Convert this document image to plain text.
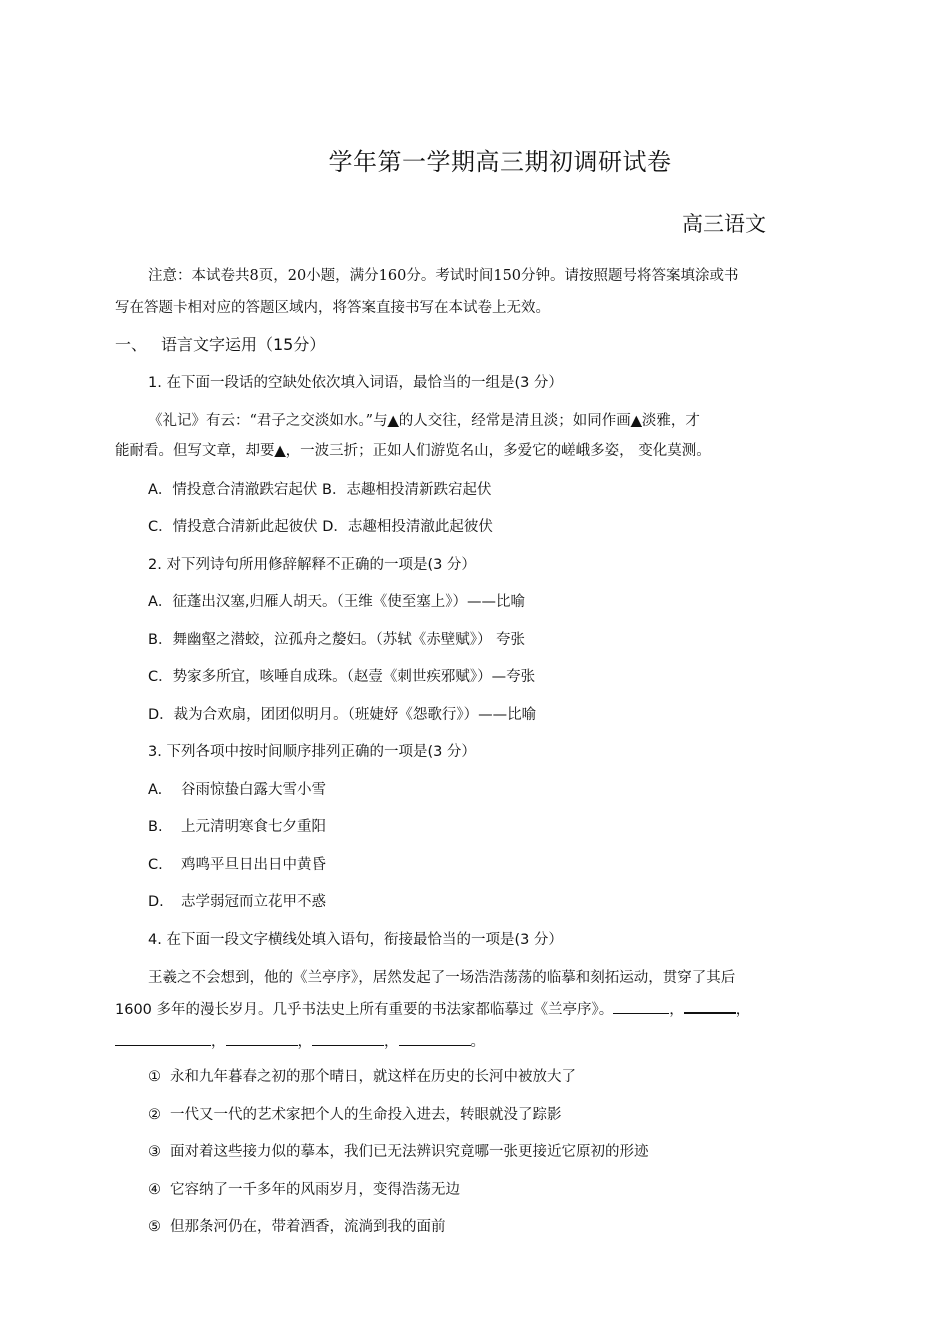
学年第一学期高三期初调研试卷
高三语文
注意：本试卷共8页，20小题，满分160分。考试时间150分钟。请按照题号将答案填涂或书
写在答题卡相对应的答题区域内，将答案直接书写在本试卷上无效。
一、 语言文字运用（15分）
1. 在下面一段话的空缺处依次填入词语，最恰当的一组是(3 分）
《礼记》有云：“君子之交淡如水。”与▲的人交往，经常是清且淡；如同作画▲淡雅，才
能耐看。但写文章，却要▲，一波三折；正如人们游览名山，多爱它的嵯峨多姿， 变化莫测。
A．情投意合清澈跌宕起伏 B．志趣相投清新跌宕起伏
C．情投意合清新此起彼伏 D．志趣相投清澈此起彼伏
2. 对下列诗句所用修辞解释不正确的一项是(3 分）
A．征蓬出汉塞,归雁人胡天。（王维《使至塞上》）——比喻
B．舞幽壑之潜蛟，泣孤舟之嫠妇。（苏轼《赤壁赋》） 夸张
C．势家多所宜，咳唾自成珠。（赵壹《刺世疾邪赋》）—夸张
D．裁为合欢扇，团团似明月。（班婕妤《怨歌行》）——比喻
3. 下列各项中按时间顺序排列正确的一项是(3 分）
A. 谷雨惊蛰白露大雪小雪
B. 上元清明寒食七夕重阳
C. 鸡鸣平旦日出日中黄昏
D. 志学弱冠而立花甲不惑
4. 在下面一段文字横线处填入语句，衔接最恰当的一项是(3 分）
王羲之不会想到，他的《兰亭序》，居然发起了一场浩浩荡荡的临摹和刻拓运动，贯穿了其后
1600 多年的漫长岁月。几乎书法史上所有重要的书法家都临摹过《兰亭序》。	，	，
，	，	，	。
① 永和九年暮春之初的那个晴日，就这样在历史的长河中被放大了
② 一代又一代的艺术家把个人的生命投入进去，转眼就没了踪影
③ 面对着这些接力似的摹本，我们已无法辨识究竟哪一张更接近它原初的形迹
④ 它容纳了一千多年的风雨岁月，变得浩荡无边
⑤ 但那条河仍在，带着酒香，流淌到我的面前
